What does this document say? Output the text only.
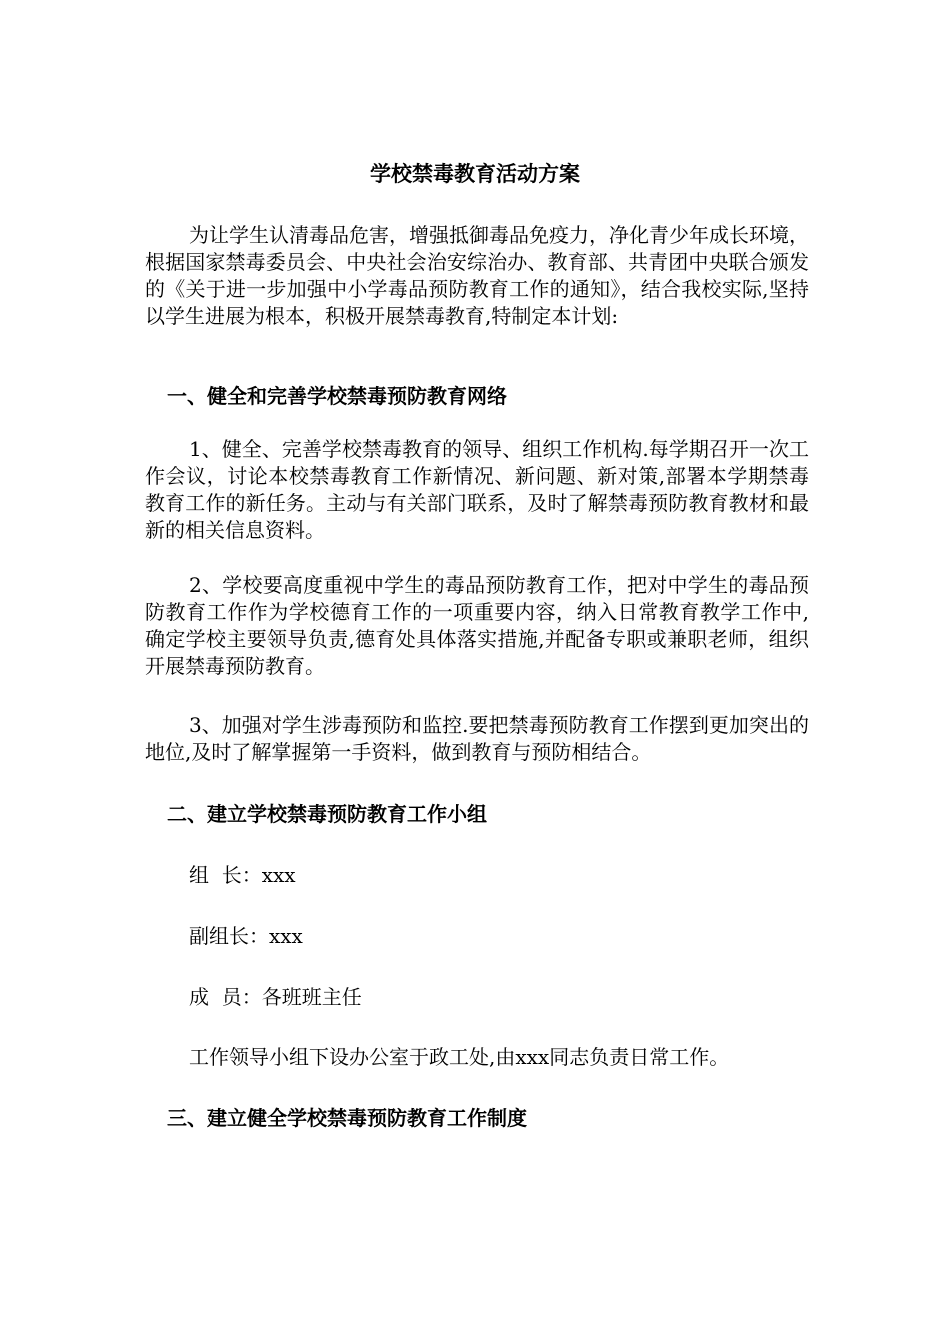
学校禁毒教育活动方案
为让学生认清毒品危害，增强抵御毒品免疫力，净化青少年成长环境，根据国家禁毒委员会、中央社会治安综治办、教育部、共青团中央联合颁发的《关于进一步加强中小学毒品预防教育工作的通知》，结合我校实际,坚持以学生进展为根本，积极开展禁毒教育,特制定本计划:
一、健全和完善学校禁毒预防教育网络
1、健全、完善学校禁毒教育的领导、组织工作机构.每学期召开一次工作会议，讨论本校禁毒教育工作新情况、新问题、新对策,部署本学期禁毒教育工作的新任务。主动与有关部门联系，及时了解禁毒预防教育教材和最新的相关信息资料。
2、学校要高度重视中学生的毒品预防教育工作，把对中学生的毒品预防教育工作作为学校德育工作的一项重要内容，纳入日常教育教学工作中,确定学校主要领导负责,德育处具体落实措施,并配备专职或兼职老师，组织开展禁毒预防教育。
3、加强对学生涉毒预防和监控.要把禁毒预防教育工作摆到更加突出的地位,及时了解掌握第一手资料，做到教育与预防相结合。
二、建立学校禁毒预防教育工作小组
组  长：xxx
副组长：xxx
成  员：各班班主任
工作领导小组下设办公室于政工处,由xxx同志负责日常工作。
三、建立健全学校禁毒预防教育工作制度
